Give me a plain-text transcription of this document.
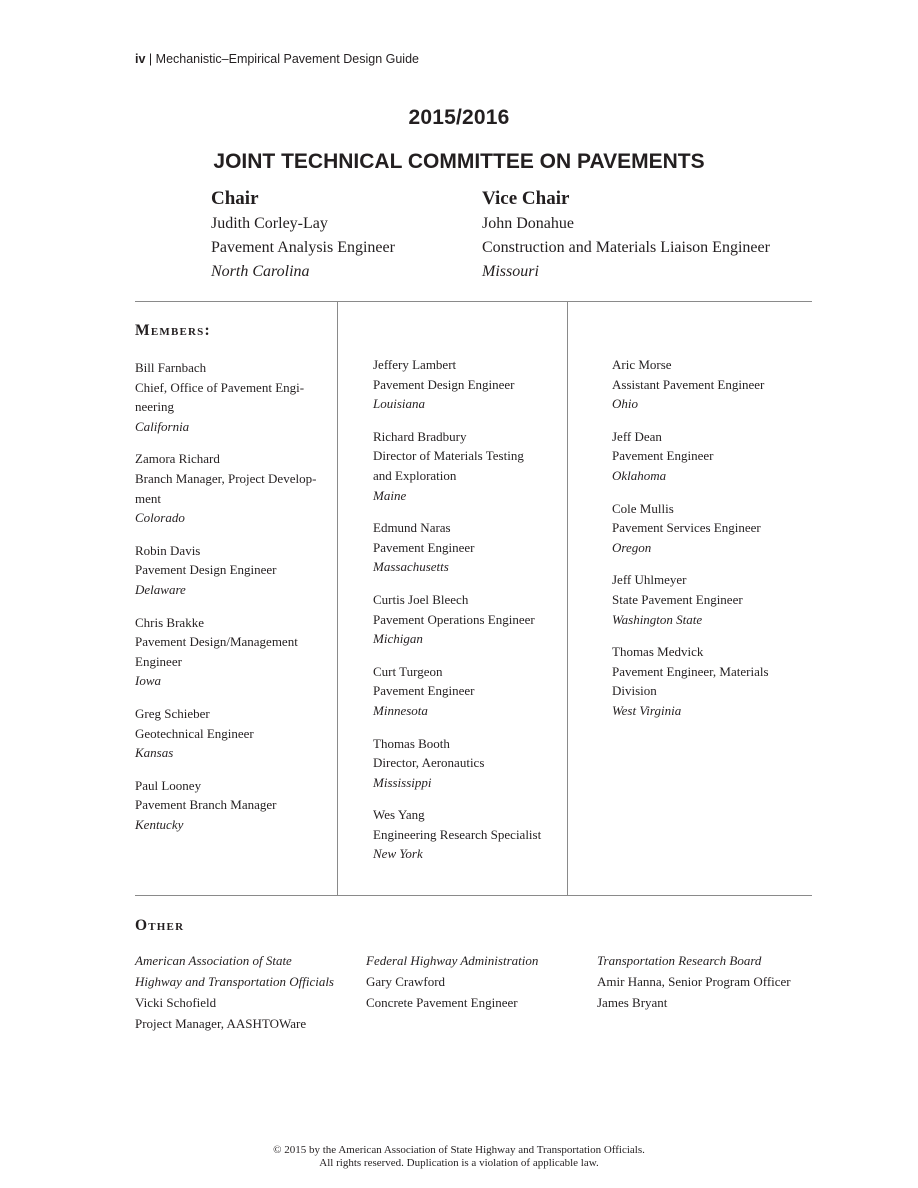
iv | Mechanistic–Empirical Pavement Design Guide
2015/2016
JOINT TECHNICAL COMMITTEE ON PAVEMENTS
Chair
Judith Corley-Lay
Pavement Analysis Engineer
North Carolina
Vice Chair
John Donahue
Construction and Materials Liaison Engineer
Missouri
Members:
Bill Farnbach
Chief, Office of Pavement Engi-
neering
California
Zamora Richard
Branch Manager, Project Develop-
ment
Colorado
Robin Davis
Pavement Design Engineer
Delaware
Chris Brakke
Pavement Design/Management
Engineer
Iowa
Greg Schieber
Geotechnical Engineer
Kansas
Paul Looney
Pavement Branch Manager
Kentucky
Jeffery Lambert
Pavement Design Engineer
Louisiana
Richard Bradbury
Director of Materials Testing
and Exploration
Maine
Edmund Naras
Pavement Engineer
Massachusetts
Curtis Joel Bleech
Pavement Operations Engineer
Michigan
Curt Turgeon
Pavement Engineer
Minnesota
Thomas Booth
Director, Aeronautics
Mississippi
Wes Yang
Engineering Research Specialist
New York
Aric Morse
Assistant Pavement Engineer
Ohio
Jeff Dean
Pavement Engineer
Oklahoma
Cole Mullis
Pavement Services Engineer
Oregon
Jeff Uhlmeyer
State Pavement Engineer
Washington State
Thomas Medvick
Pavement Engineer, Materials
Division
West Virginia
Other
American Association of State
Highway and Transportation Officials
Vicki Schofield
Project Manager, AASHTOWare
Federal Highway Administration
Gary Crawford
Concrete Pavement Engineer
Transportation Research Board
Amir Hanna, Senior Program Officer
James Bryant
© 2015 by the American Association of State Highway and Transportation Officials.
All rights reserved. Duplication is a violation of applicable law.
